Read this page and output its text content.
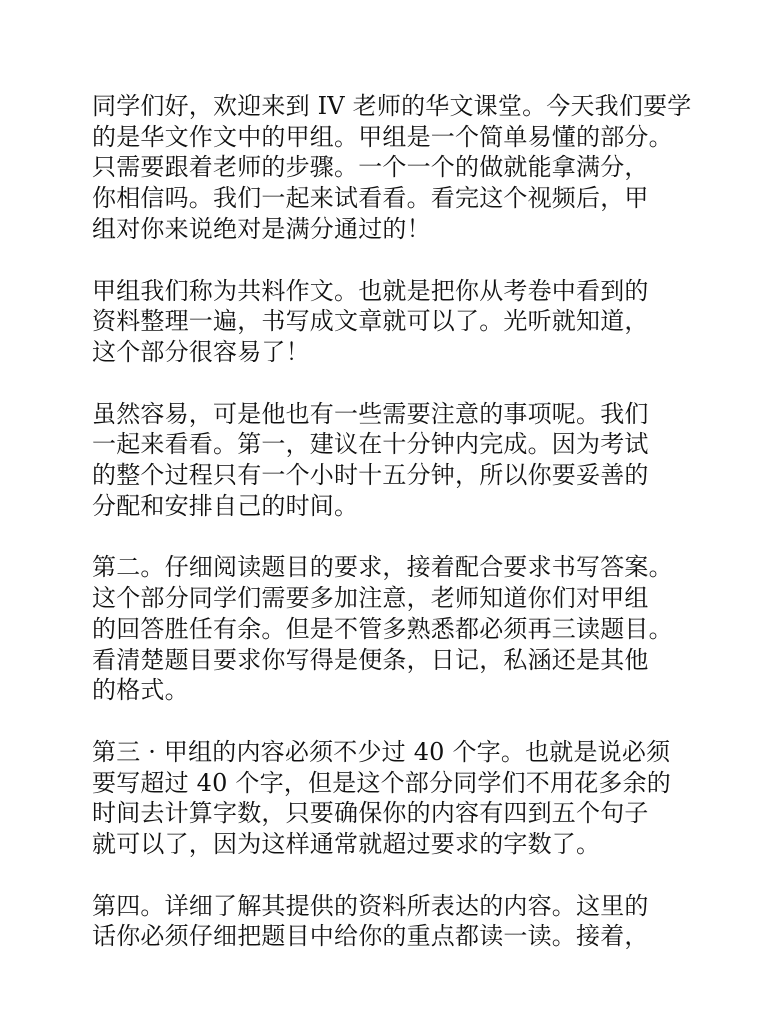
同学们好，欢迎来到 IV 老师的华文课堂。今天我们要学
的是华文作文中的甲组。甲组是一个简单易懂的部分。
只需要跟着老师的步骤。一个一个的做就能拿满分，
你相信吗。我们一起来试看看。看完这个视频后，甲
组对你来说绝对是满分通过的！
甲组我们称为共料作文。也就是把你从考卷中看到的
资料整理一遍，书写成文章就可以了。光听就知道，
这个部分很容易了！
虽然容易，可是他也有一些需要注意的事项呢。我们
一起来看看。第一，建议在十分钟内完成。因为考试
的整个过程只有一个小时十五分钟，所以你要妥善的
分配和安排自己的时间。
第二。仔细阅读题目的要求，接着配合要求书写答案。
这个部分同学们需要多加注意，老师知道你们对甲组
的回答胜任有余。但是不管多熟悉都必须再三读题目。
看清楚题目要求你写得是便条，日记，私涵还是其他
的格式。
第三 · 甲组的内容必须不少过 40 个字。也就是说必须
要写超过 40 个字，但是这个部分同学们不用花多余的
时间去计算字数，只要确保你的内容有四到五个句子
就可以了，因为这样通常就超过要求的字数了。
第四。详细了解其提供的资料所表达的内容。这里的
话你必须仔细把题目中给你的重点都读一读。接着，
